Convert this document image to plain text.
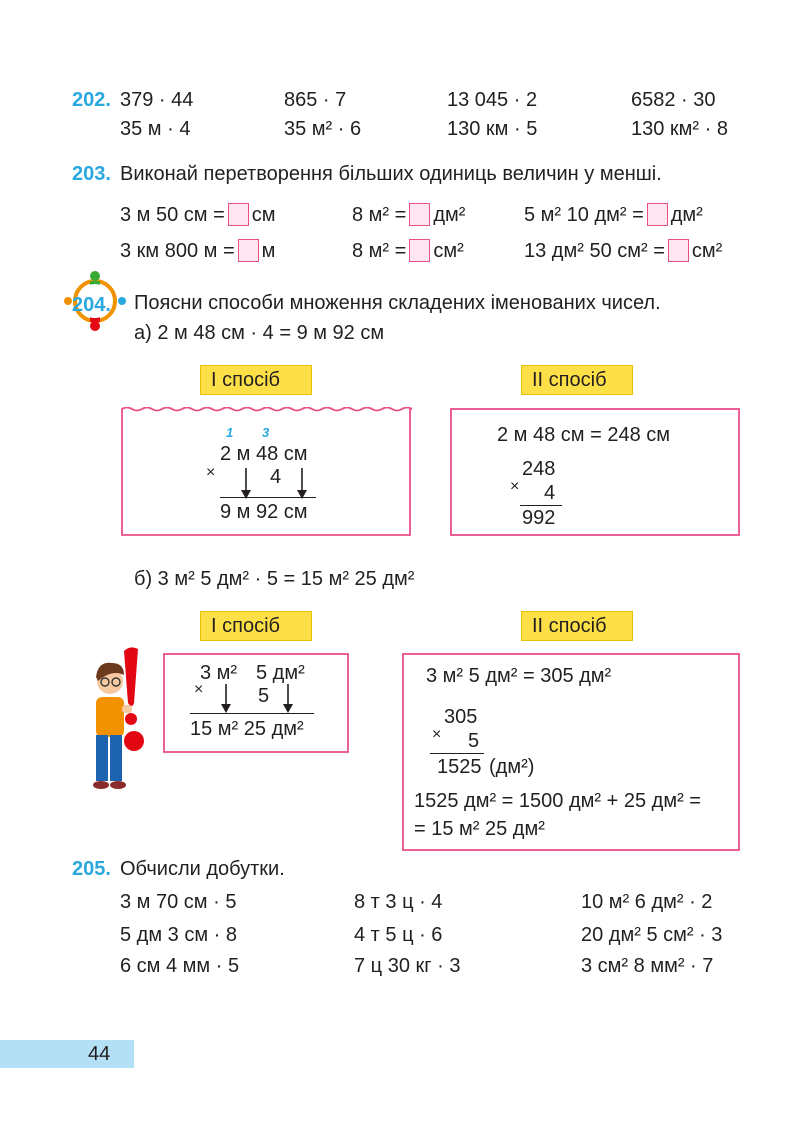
202. 379 · 44	865 · 7	13 045 · 2	6582 · 30
35 м · 4	35 м² · 6	130 км · 5	130 км² · 8
203. Виконай перетворення більших одиниць величин у менші.
3 м 50 см = см	8 м² = дм²	5 м² 10 дм² = дм²
3 км 800 м = м	8 м² = см²	13 дм² 50 см² = см²
204. Поясни способи множення складених іменованих чисел.
а) 2 м 48 см · 4 = 9 м 92 см
І спосіб	ІІ спосіб
1 3
2 м 48 см
×	4
9 м 92 см
2 м 48 см = 248 см
248
× 4
992
б) 3 м² 5 дм² · 5 = 15 м² 25 дм²
І спосіб	ІІ спосіб
3 м² 5 дм²
×	5
15 м² 25 дм²
3 м² 5 дм² = 305 дм²
305
× 5
1525 (дм²)
1525 дм² = 1500 дм² + 25 дм² =
= 15 м² 25 дм²
205. Обчисли добутки.
3 м 70 см · 5	8 т 3 ц · 4	10 м² 6 дм² · 2
5 дм 3 см · 8	4 т 5 ц · 6	20 дм² 5 см² · 3
6 см 4 мм · 5	7 ц 30 кг · 3	3 см² 8 мм² · 7
44
